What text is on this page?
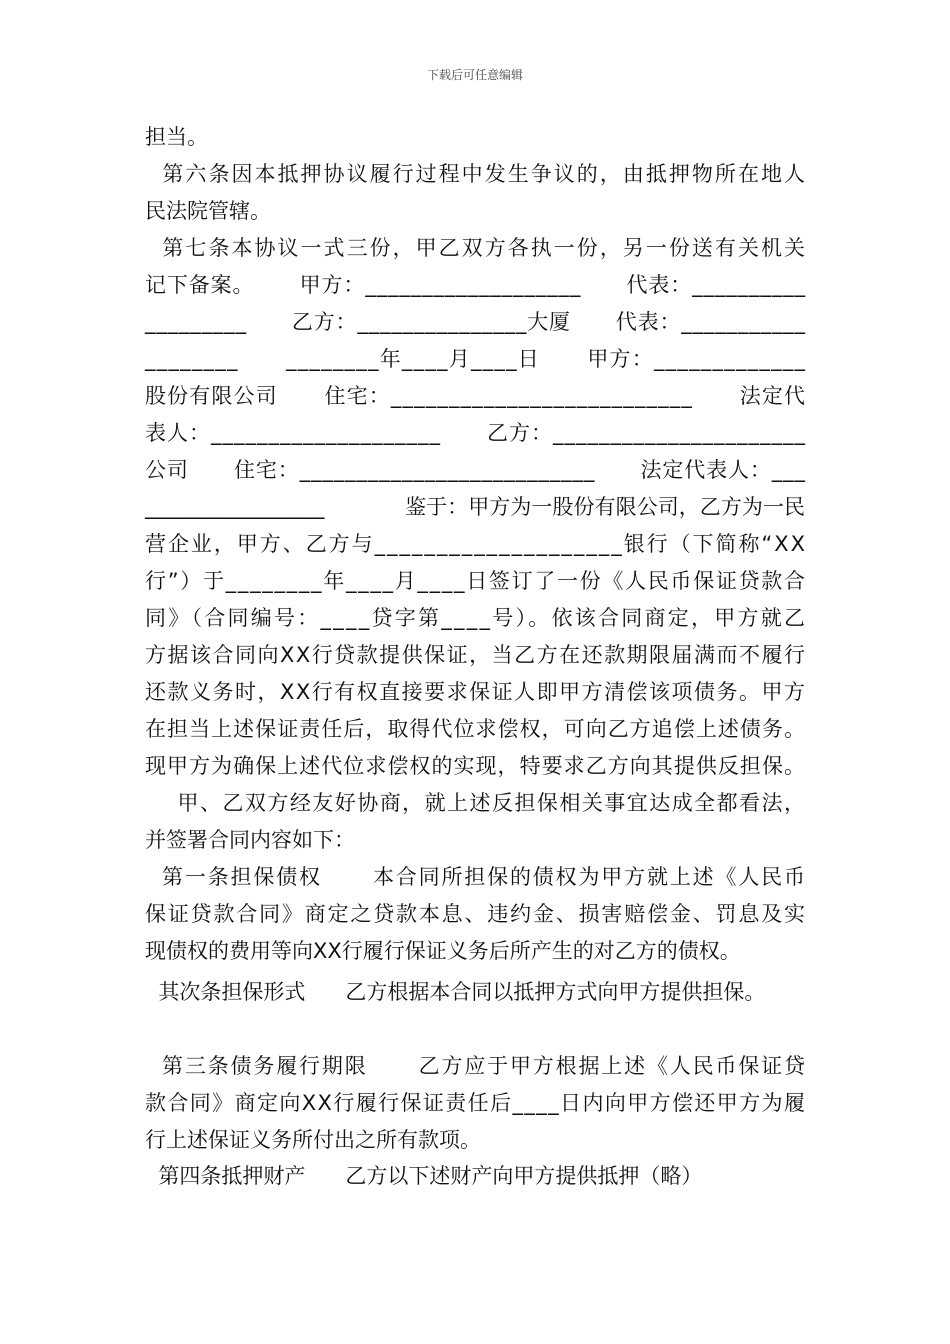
下载后可任意编辑
担当。
第六条因本抵押协议履行过程中发生争议的，由抵押物所在地人
民法院管辖。
第七条本协议一式三份，甲乙双方各执一份，另一份送有关机关
记下备案。      甲方：___________________      代表：__________
_________      乙方：_______________大厦      代表：___________
________      ________年____月____日      甲方：_____________
股份有限公司      住宅：__________________________      法定代
表人：____________________      乙方：______________________
公司      住宅：__________________________      法定代表人：___
_________________            鉴于：甲方为一股份有限公司，乙方为一民
营企业，甲方、乙方与____________________银行（下简称“XX
行”）于________年____月____日签订了一份《人民币保证贷款合
同》（合同编号：____贷字第____号）。依该合同商定，甲方就乙
方据该合同向XX行贷款提供保证，当乙方在还款期限届满而不履行
还款义务时，XX行有权直接要求保证人即甲方清偿该项债务。甲方
在担当上述保证责任后，取得代位求偿权，可向乙方追偿上述债务。
现甲方为确保上述代位求偿权的实现，特要求乙方向其提供反担保。
甲、乙双方经友好协商，就上述反担保相关事宜达成全都看法，
并签署合同内容如下：
第一条担保债权      本合同所担保的债权为甲方就上述《人民币
保证贷款合同》商定之贷款本息、违约金、损害赔偿金、罚息及实
现债权的费用等向XX行履行保证义务后所产生的对乙方的债权。
其次条担保形式      乙方根据本合同以抵押方式向甲方提供担保。
第三条债务履行期限      乙方应于甲方根据上述《人民币保证贷
款合同》商定向XX行履行保证责任后____日内向甲方偿还甲方为履
行上述保证义务所付出之所有款项。
第四条抵押财产      乙方以下述财产向甲方提供抵押（略）
